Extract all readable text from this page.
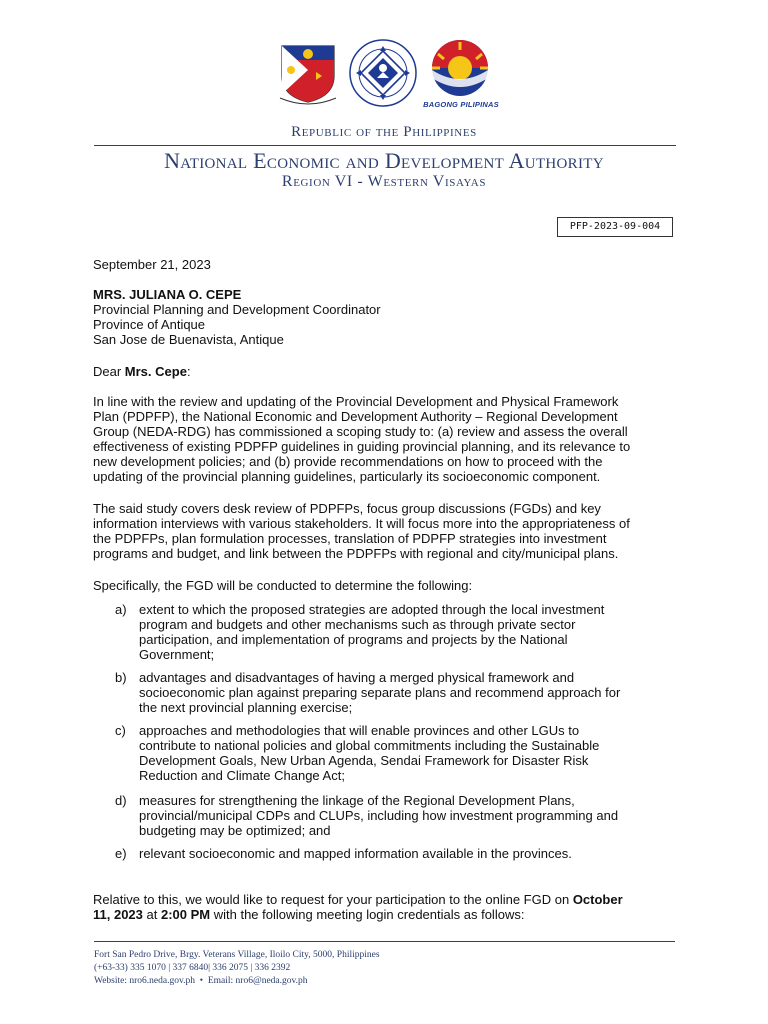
BAGONG PILIPINAS
Republic of the Philippines
National Economic and Development Authority
Region VI - Western Visayas
PFP-2023-09-004
September 21, 2023
MRS. JULIANA O. CEPE
Provincial Planning and Development Coordinator
Province of Antique
San Jose de Buenavista, Antique
Dear Mrs. Cepe:
In line with the review and updating of the Provincial Development and Physical Framework
Plan (PDPFP), the National Economic and Development Authority – Regional Development
Group (NEDA-RDG) has commissioned a scoping study to: (a) review and assess the overall
effectiveness of existing PDPFP guidelines in guiding provincial planning, and its relevance to
new development policies; and (b) provide recommendations on how to proceed with the
updating of the provincial planning guidelines, particularly its socioeconomic component.
The said study covers desk review of PDPFPs, focus group discussions (FGDs) and key
information interviews with various stakeholders. It will focus more into the appropriateness of
the PDPFPs, plan formulation processes, translation of PDPFP strategies into investment
programs and budget, and link between the PDPFPs with regional and city/municipal plans.
Specifically, the FGD will be conducted to determine the following:
a) extent to which the proposed strategies are adopted through the local investment
program and budgets and other mechanisms such as through private sector
participation, and implementation of programs and projects by the National
Government;
b) advantages and disadvantages of having a merged physical framework and
socioeconomic plan against preparing separate plans and recommend approach for
the next provincial planning exercise;
c) approaches and methodologies that will enable provinces and other LGUs to
contribute to national policies and global commitments including the Sustainable
Development Goals, New Urban Agenda, Sendai Framework for Disaster Risk
Reduction and Climate Change Act;
d) measures for strengthening the linkage of the Regional Development Plans,
provincial/municipal CDPs and CLUPs, including how investment programming and
budgeting may be optimized; and
e) relevant socioeconomic and mapped information available in the provinces.
Relative to this, we would like to request for your participation to the online FGD on October
11, 2023 at 2:00 PM with the following meeting login credentials as follows:
Fort San Pedro Drive, Brgy. Veterans Village, Iloilo City, 5000, Philippines
(+63-33) 335 1070 | 337 6840| 336 2075 | 336 2392
Website: nro6.neda.gov.ph • Email: nro6@neda.gov.ph
